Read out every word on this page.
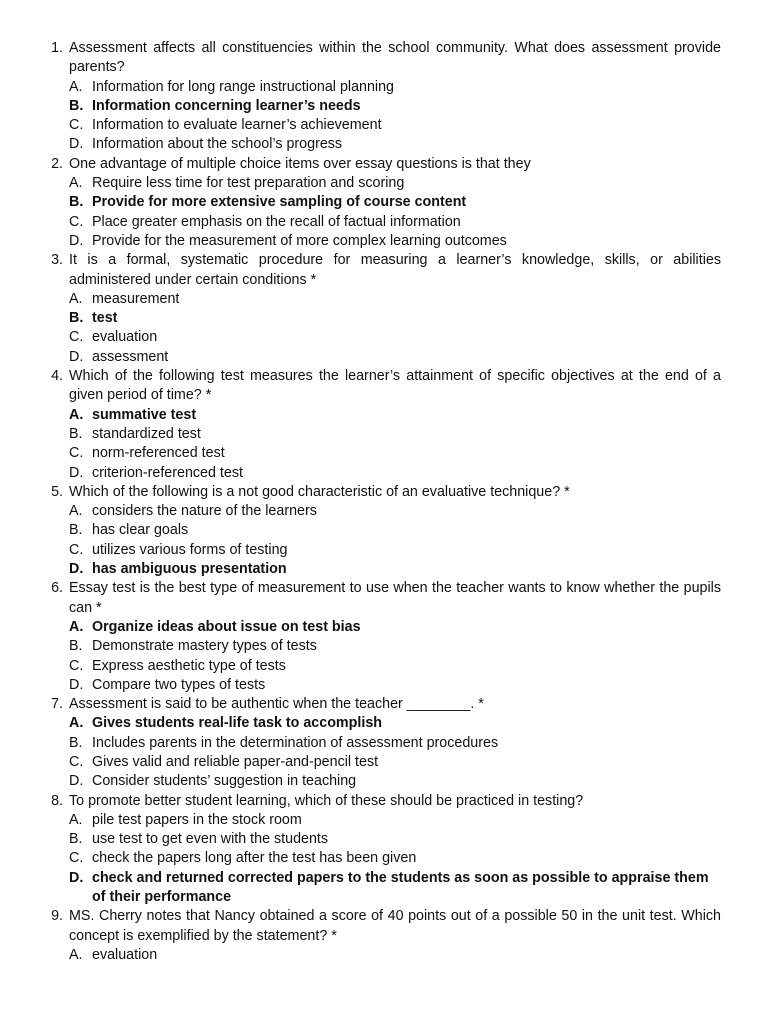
1. Assessment affects all constituencies within the school community. What does assessment provide parents?
A. Information for long range instructional planning
B. Information concerning learner’s needs
C. Information to evaluate learner’s achievement
D. Information about the school’s progress
2. One advantage of multiple choice items over essay questions is that they
A. Require less time for test preparation and scoring
B. Provide for more extensive sampling of course content
C. Place greater emphasis on the recall of factual information
D. Provide for the measurement of more complex learning outcomes
3. It is a formal, systematic procedure for measuring a learner’s knowledge, skills, or abilities administered under certain conditions *
A. measurement
B. test
C. evaluation
D. assessment
4. Which of the following test measures the learner’s attainment of specific objectives at the end of a given period of time? *
A. summative test
B. standardized test
C. norm-referenced test
D. criterion-referenced test
5. Which of the following is a not good characteristic of an evaluative technique? *
A. considers the nature of the learners
B. has clear goals
C. utilizes various forms of testing
D. has ambiguous presentation
6. Essay test is the best type of measurement to use when the teacher wants to know whether the pupils can *
A. Organize ideas about issue on test bias
B. Demonstrate mastery types of tests
C. Express aesthetic type of tests
D. Compare two types of tests
7. Assessment is said to be authentic when the teacher ________. *
A. Gives students real-life task to accomplish
B. Includes parents in the determination of assessment procedures
C. Gives valid and reliable paper-and-pencil test
D. Consider students’ suggestion in teaching
8. To promote better student learning, which of these should be practiced in testing?
A. pile test papers in the stock room
B. use test to get even with the students
C. check the papers long after the test has been given
D. check and returned corrected papers to the students as soon as possible to appraise them of their performance
9. MS. Cherry notes that Nancy obtained a score of 40 points out of a possible 50 in the unit test. Which concept is exemplified by the statement? *
A. evaluation
